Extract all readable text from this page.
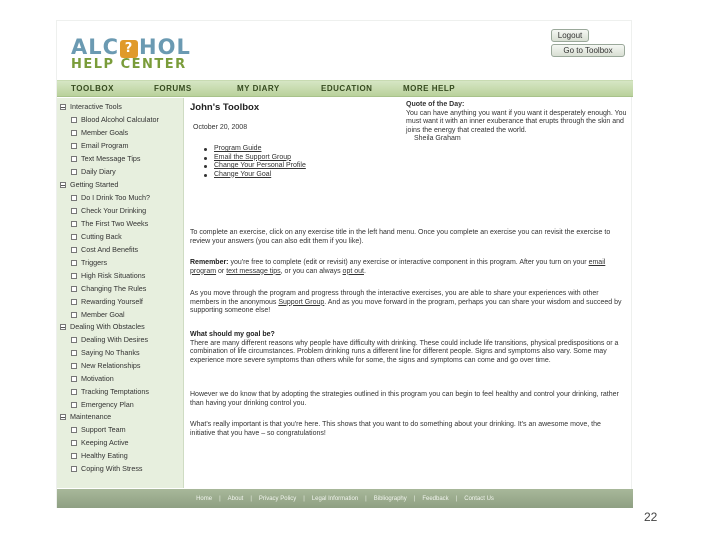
ALC ? HOL
HELP CENTER
Logout
Go to Toolbox
TOOLBOX	FORUMS	MY DIARY	EDUCATION	MORE HELP
Interactive Tools
Blood Alcohol Calculator
Member Goals
Email Program
Text Message Tips
Daily Diary
Getting Started
Do I Drink Too Much?
Check Your Drinking
The First Two Weeks
Cutting Back
Cost And Benefits
Triggers
High Risk Situations
Changing The Rules
Rewarding Yourself
Member Goal
Dealing With Obstacles
Dealing With Desires
Saying No Thanks
New Relationships
Motivation
Tracking Temptations
Emergency Plan
Maintenance
Support Team
Keeping Active
Healthy Eating
Coping With Stress
John's Toolbox
October 20, 2008
Program Guide
Email the Support Group
Change Your Personal Profile
Change Your Goal
Quote of the Day:
You can have anything you want if you want it desperately enough. You must want it with an inner exuberance that erupts through the skin and joins the energy that created the world.
Sheila Graham
To complete an exercise, click on any exercise title in the left hand menu. Once you complete an exercise you can revisit the exercise to review your answers (you can also edit them if you like).
Remember: you're free to complete (edit or revisit) any exercise or interactive component in this program. After you turn on your email program or text message tips, or you can always opt out.
As you move through the program and progress through the interactive exercises, you are able to share your experiences with other members in the anonymous Support Group. And as you move forward in the program, perhaps you can share your wisdom and succeed by supporting someone else!
What should my goal be?
There are many different reasons why people have difficulty with drinking. These could include life transitions, physical predispositions or a combination of life circumstances. Problem drinking runs a different line for different people. Signs and symptoms also vary. Some may experience more severe symptoms than others while for some, the signs and symptoms can come and go over time.
However we do know that by adopting the strategies outlined in this program you can begin to feel healthy and control your drinking, rather than having your drinking control you.
What's really important is that you're here. This shows that you want to do something about your drinking. It's an awesome move, the initiative that you have – so congratulations!
Home | About | Privacy Policy | Legal Information | Bibliography | Feedback | Contact Us
22
